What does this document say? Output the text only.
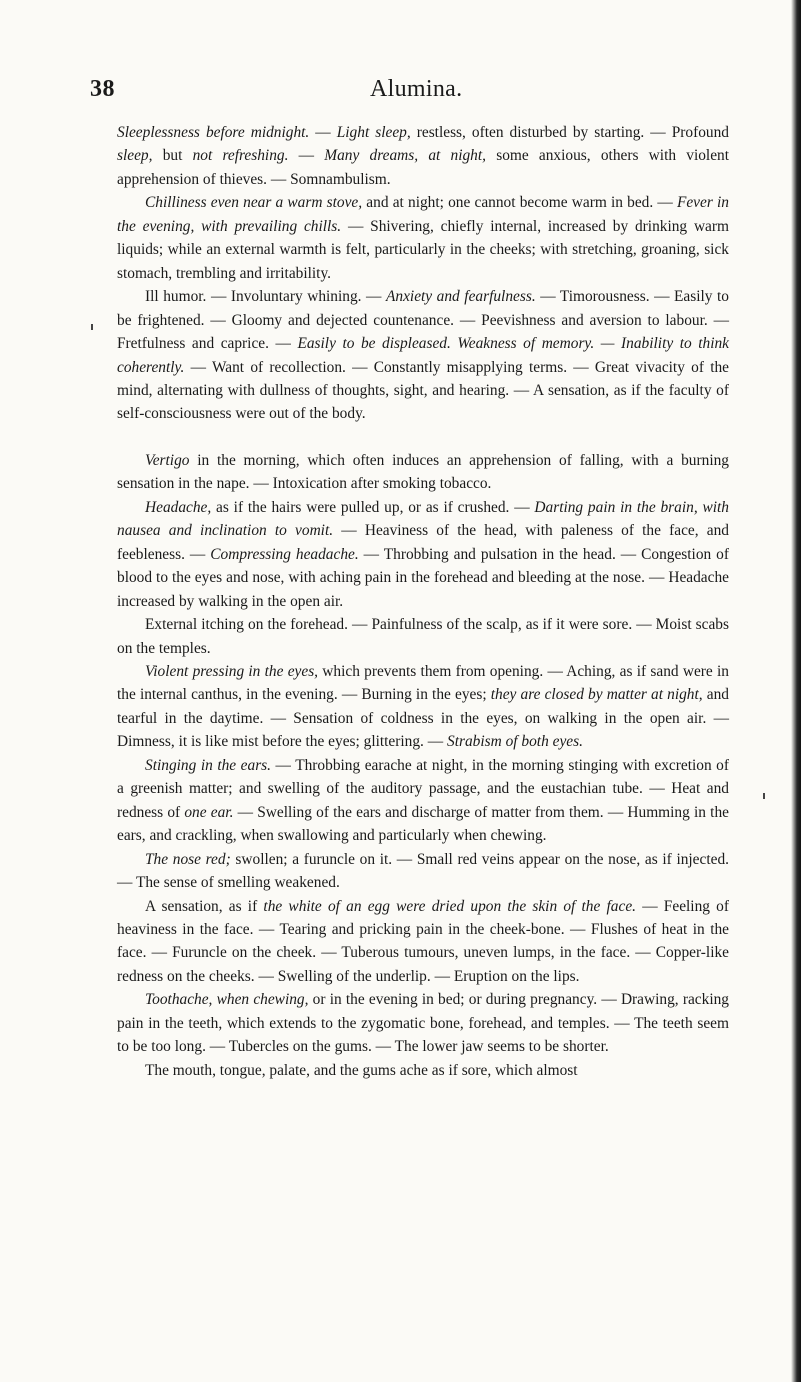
38	Alumina.

Sleeplessness before midnight. — Light sleep, restless, often disturbed by starting. — Profound sleep, but not refreshing. — Many dreams, at night, some anxious, others with violent apprehension of thieves. — Somnambulism.

Chilliness even near a warm stove, and at night; one cannot become warm in bed. — Fever in the evening, with prevailing chills. — Shivering, chiefly internal, increased by drinking warm liquids; while an external warmth is felt, particularly in the cheeks; with stretching, groaning, sick stomach, trembling and irritability.

Ill humor. — Involuntary whining. — Anxiety and fearfulness. — Timorousness. — Easily to be frightened. — Gloomy and dejected countenance. — Peevishness and aversion to labour. — Fretfulness and caprice. — Easily to be displeased. Weakness of memory. — Inability to think coherently. — Want of recollection. — Constantly misapplying terms. — Great vivacity of the mind, alternating with dullness of thoughts, sight, and hearing. — A sensation, as if the faculty of self-consciousness were out of the body.

Vertigo in the morning, which often induces an apprehension of falling, with a burning sensation in the nape. — Intoxication after smoking tobacco.

Headache, as if the hairs were pulled up, or as if crushed. — Darting pain in the brain, with nausea and inclination to vomit. — Heaviness of the head, with paleness of the face, and feebleness. — Compressing headache. — Throbbing and pulsation in the head. — Congestion of blood to the eyes and nose, with aching pain in the forehead and bleeding at the nose. — Headache increased by walking in the open air.

External itching on the forehead. — Painfulness of the scalp, as if it were sore. — Moist scabs on the temples.

Violent pressing in the eyes, which prevents them from opening. — Aching, as if sand were in the internal canthus, in the evening. — Burning in the eyes; they are closed by matter at night, and tearful in the daytime. — Sensation of coldness in the eyes, on walking in the open air. — Dimness, it is like mist before the eyes; glittering. — Strabism of both eyes.

Stinging in the ears. — Throbbing earache at night, in the morning stinging with excretion of a greenish matter; and swelling of the auditory passage, and the eustachian tube. — Heat and redness of one ear. — Swelling of the ears and discharge of matter from them. — Humming in the ears, and crackling, when swallowing and particularly when chewing.

The nose red; swollen; a furuncle on it. — Small red veins appear on the nose, as if injected. — The sense of smelling weakened.

A sensation, as if the white of an egg were dried upon the skin of the face. — Feeling of heaviness in the face. — Tearing and pricking pain in the cheek-bone. — Flushes of heat in the face. — Furuncle on the cheek. — Tuberous tumours, uneven lumps, in the face. — Copper-like redness on the cheeks. — Swelling of the underlip. — Eruption on the lips.

Toothache, when chewing, or in the evening in bed; or during pregnancy. — Drawing, racking pain in the teeth, which extends to the zygomatic bone, forehead, and temples. — The teeth seem to be too long. — Tubercles on the gums. — The lower jaw seems to be shorter.

The mouth, tongue, palate, and the gums ache as if sore, which almost
